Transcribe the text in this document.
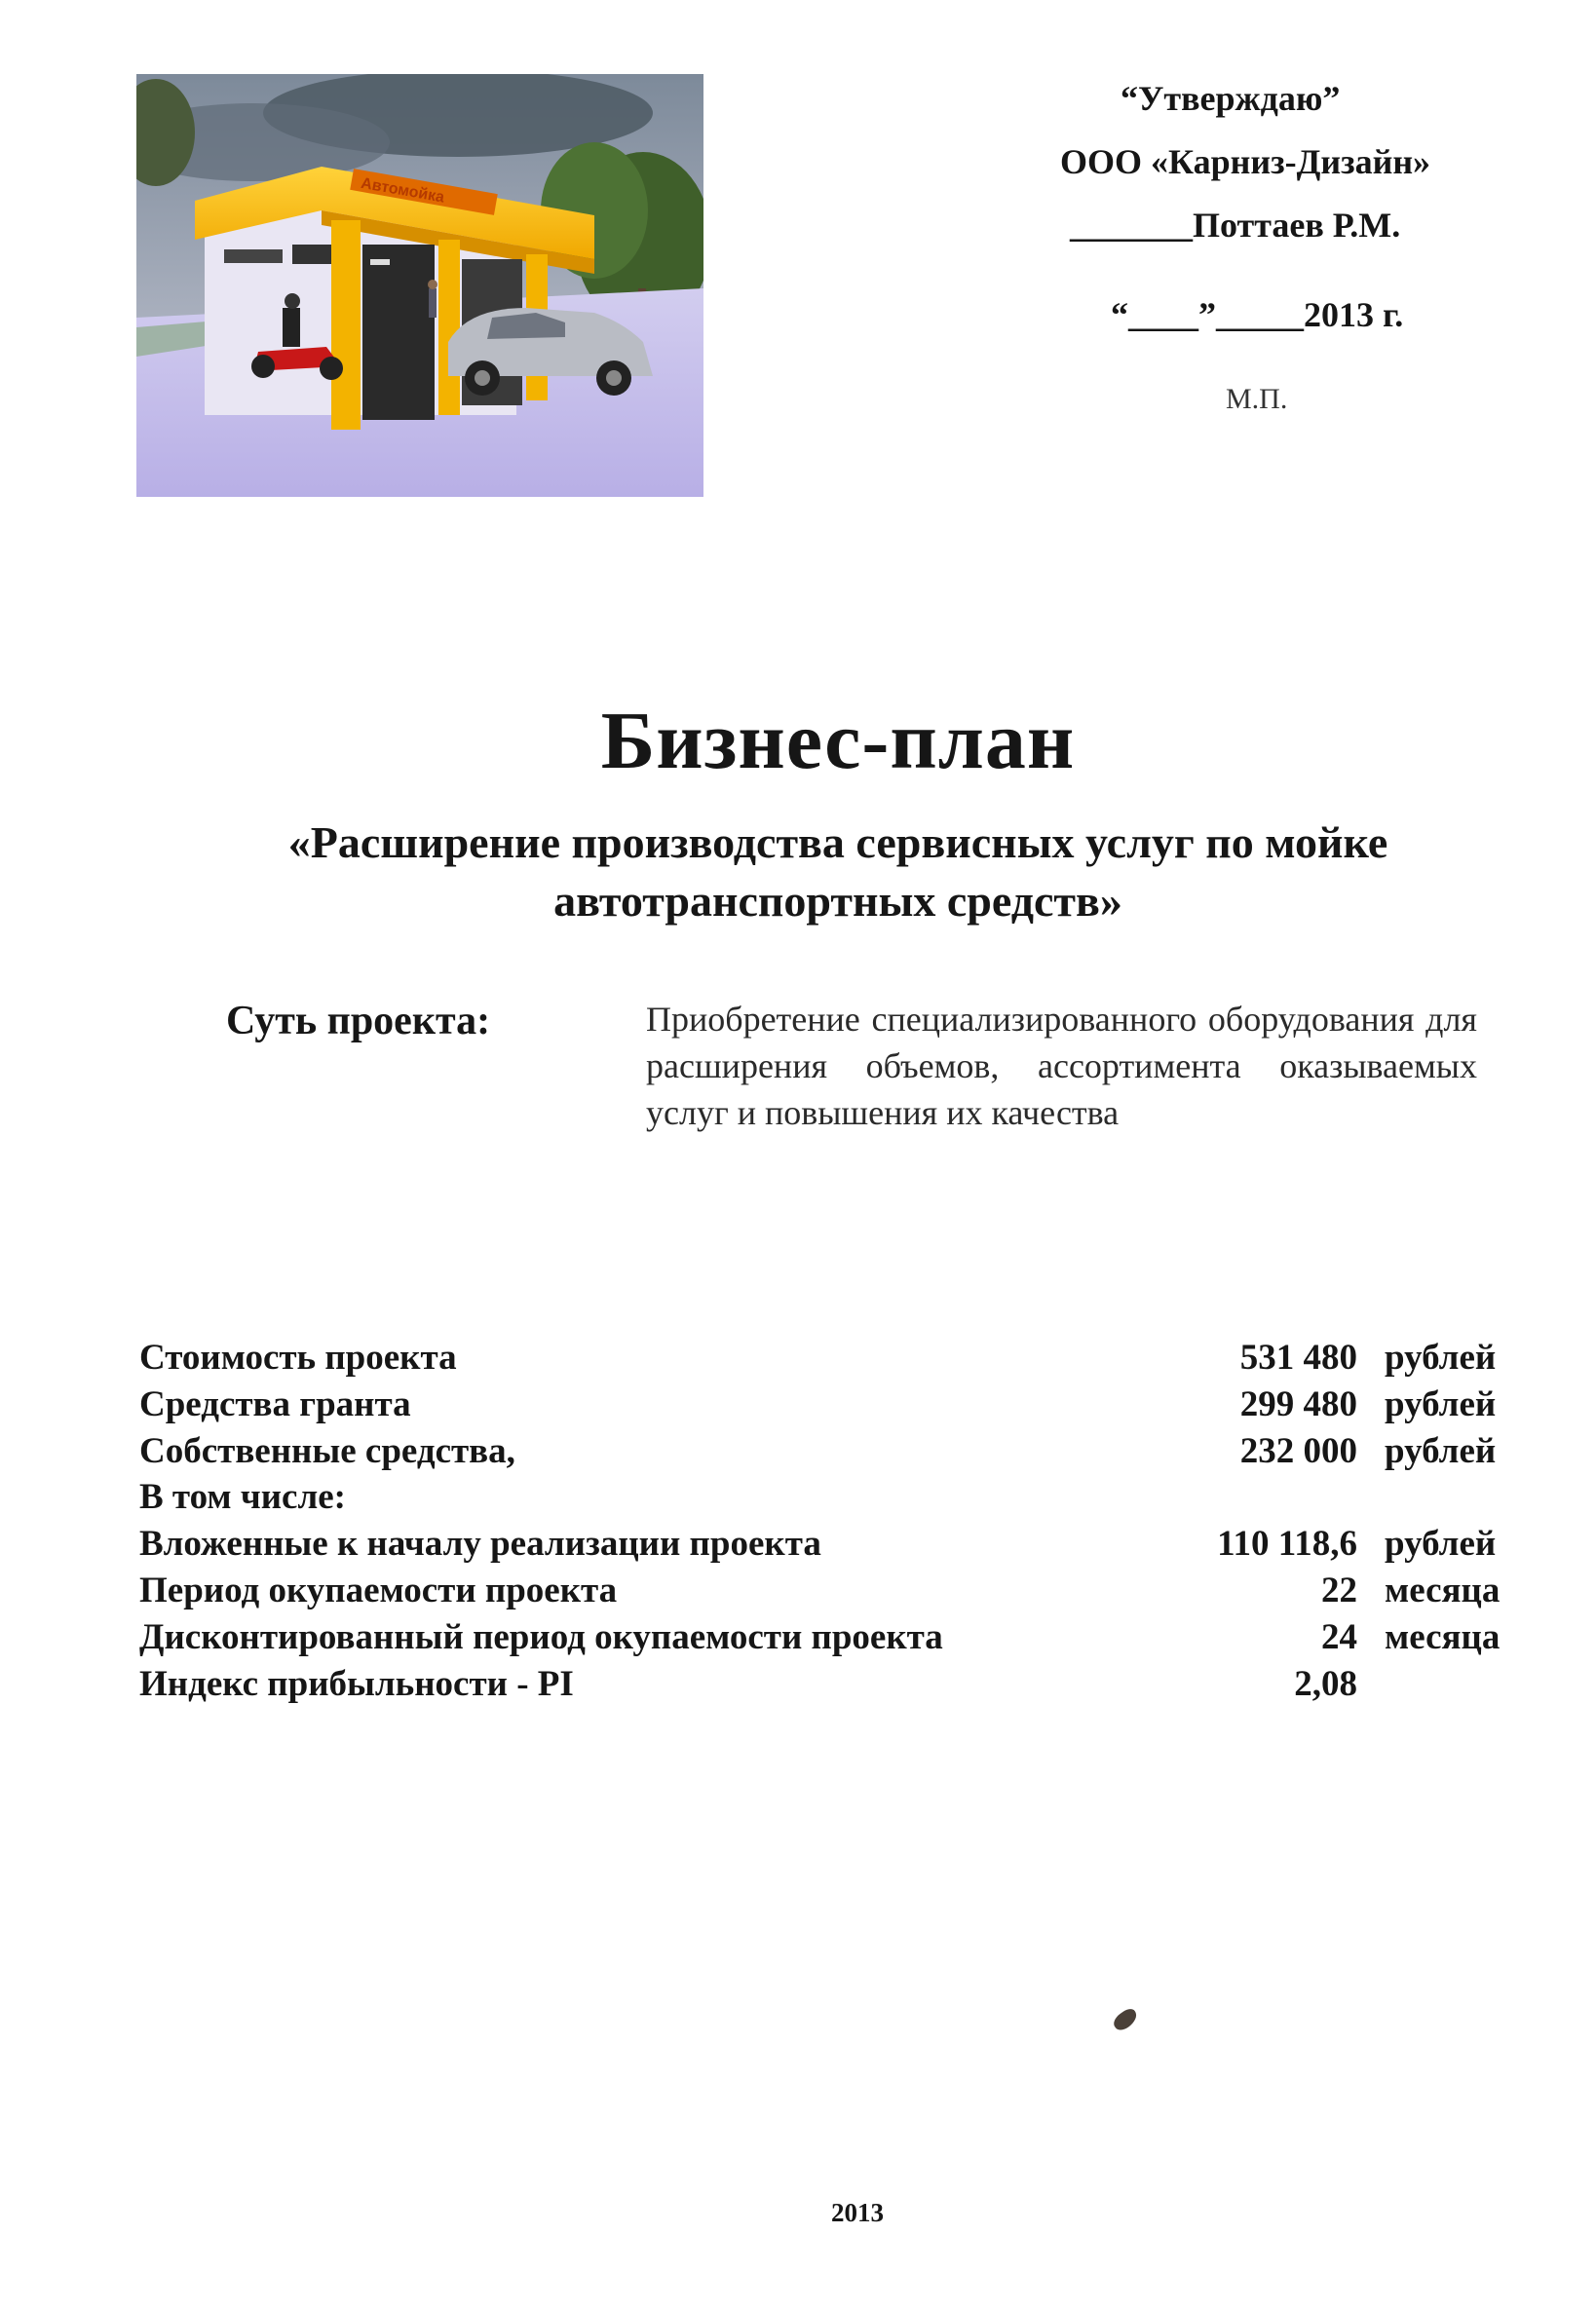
Автомойка
“Утверждаю”
ООО «Карниз-Дизайн»
_______Поттаев Р.М.
“____”_____2013 г.
М.П.
Бизнес-план
«Расширение производства сервисных услуг по мойке автотранспортных средств»
Суть проекта:	Приобретение специализированного оборудования для расширения объемов, ассортимента оказываемых услуг и повышения их качества
Стоимость проекта	531 480 рублей
Средства гранта	299 480 рублей
Собственные средства,	232 000 рублей
В том числе:
Вложенные к началу реализации проекта	110 118,6 рублей
Период окупаемости проекта	22 месяца
Дисконтированный период окупаемости проекта	24 месяца
Индекс прибыльности - PI	2,08
2013
